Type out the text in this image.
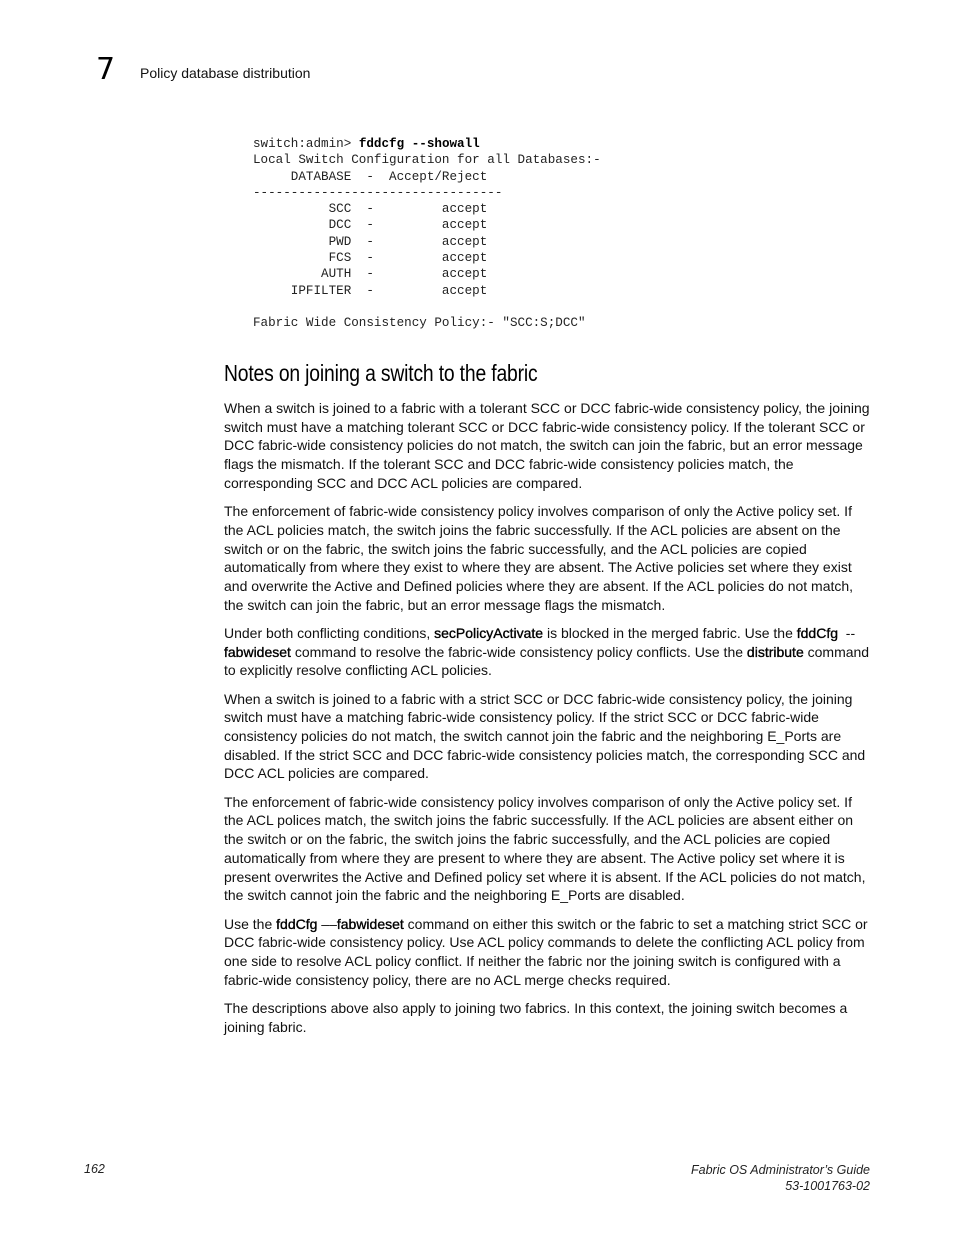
7 Policy database distribution
switch:admin> fddcfg --showall
Local Switch Configuration for all Databases:-
DATABASE  -  Accept/Reject
---------------------------------
SCC  -         accept
DCC  -         accept
PWD  -         accept
FCS  -         accept
AUTH  -         accept
IPFILTER  -         accept

Fabric Wide Consistency Policy:- "SCC:S;DCC"
Notes on joining a switch to the fabric

When a switch is joined to a fabric with a tolerant SCC or DCC fabric-wide consistency policy, the joining switch must have a matching tolerant SCC or DCC fabric-wide consistency policy. If the tolerant SCC or DCC fabric-wide consistency policies do not match, the switch can join the fabric, but an error message flags the mismatch. If the tolerant SCC and DCC fabric-wide consistency policies match, the corresponding SCC and DCC ACL policies are compared.

The enforcement of fabric-wide consistency policy involves comparison of only the Active policy set. If the ACL policies match, the switch joins the fabric successfully. If the ACL policies are absent on the switch or on the fabric, the switch joins the fabric successfully, and the ACL policies are copied automatically from where they exist to where they are absent. The Active policies set where they exist and overwrite the Active and Defined policies where they are absent. If the ACL policies do not match, the switch can join the fabric, but an error message flags the mismatch.

Under both conflicting conditions, secPolicyActivate is blocked in the merged fabric. Use the fddCfg  --fabwideset command to resolve the fabric-wide consistency policy conflicts. Use the distribute command to explicitly resolve conflicting ACL policies.

When a switch is joined to a fabric with a strict SCC or DCC fabric-wide consistency policy, the joining switch must have a matching fabric-wide consistency policy. If the strict SCC or DCC fabric-wide consistency policies do not match, the switch cannot join the fabric and the neighboring E_Ports are disabled. If the strict SCC and DCC fabric-wide consistency policies match, the corresponding SCC and DCC ACL policies are compared.

The enforcement of fabric-wide consistency policy involves comparison of only the Active policy set. If the ACL polices match, the switch joins the fabric successfully. If the ACL policies are absent either on the switch or on the fabric, the switch joins the fabric successfully, and the ACL policies are copied automatically from where they are present to where they are absent. The Active policy set where it is present overwrites the Active and Defined policy set where it is absent. If the ACL policies do not match, the switch cannot join the fabric and the neighboring E_Ports are disabled.

Use the fddCfg ––fabwideset command on either this switch or the fabric to set a matching strict SCC or DCC fabric-wide consistency policy. Use ACL policy commands to delete the conflicting ACL policy from one side to resolve ACL policy conflict. If neither the fabric nor the joining switch is configured with a fabric-wide consistency policy, there are no ACL merge checks required.

The descriptions above also apply to joining two fabrics. In this context, the joining switch becomes a joining fabric.

162	Fabric OS Administrator’s Guide
53-1001763-02
